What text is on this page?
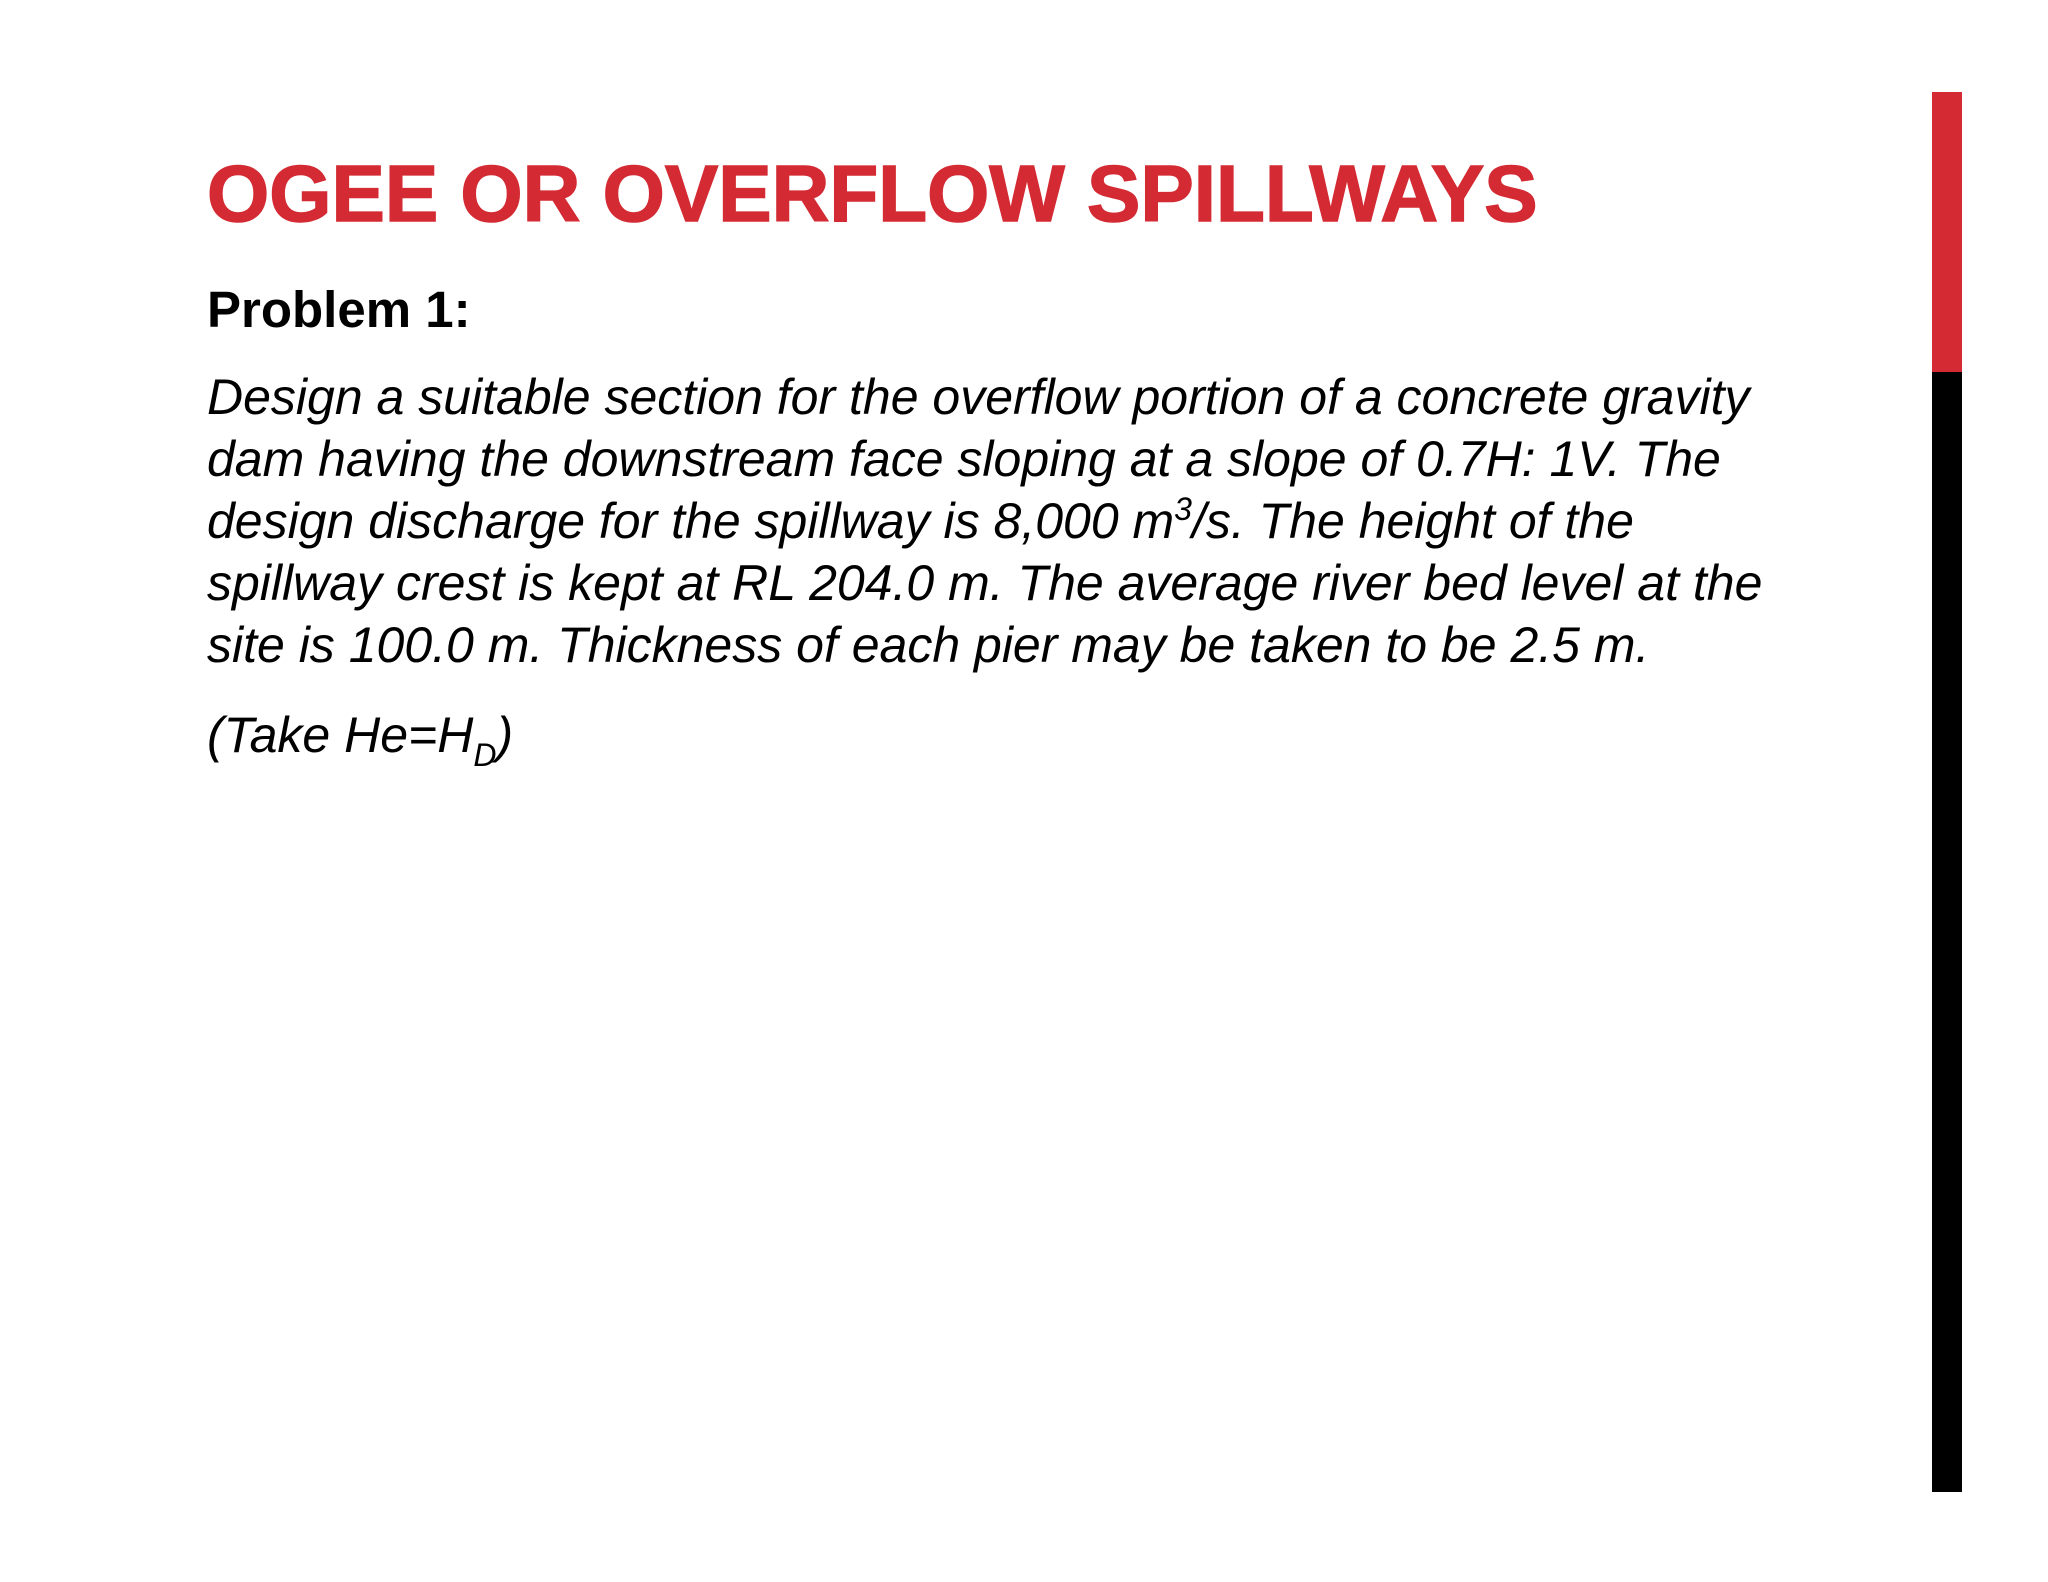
OGEE OR OVERFLOW SPILLWAYS
Problem 1:

Design a suitable section for the overflow portion of a concrete gravity
dam having the downstream face sloping at a slope of 0.7H: 1V. The
design discharge for the spillway is 8,000 $m^3/s$. The height of the
spillway crest is kept at RL 204.0 m. The average river bed level at the
site is 100.0 m. Thickness of each pier may be taken to be 2.5 m.

(Take $He=H_D$)
